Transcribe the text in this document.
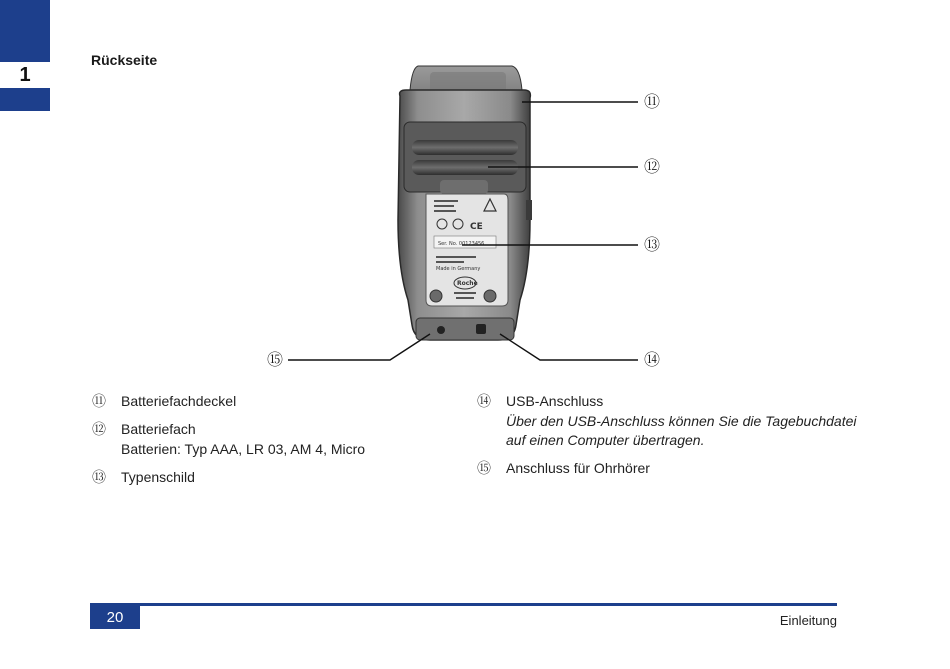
1
Rückseite
CE
Ser. No. 00123456
Made in Germany
Roche
⑪
⑫
⑬
⑭
⑮
⑪ Batteriefachdeckel
⑫ Batteriefach
Batterien: Typ AAA, LR 03, AM 4, Micro
⑬ Typenschild
⑭ USB-Anschluss
Über den USB-Anschluss können Sie die Tagebuchdatei
auf einen Computer übertragen.
⑮ Anschluss für Ohrhörer
20	Einleitung
